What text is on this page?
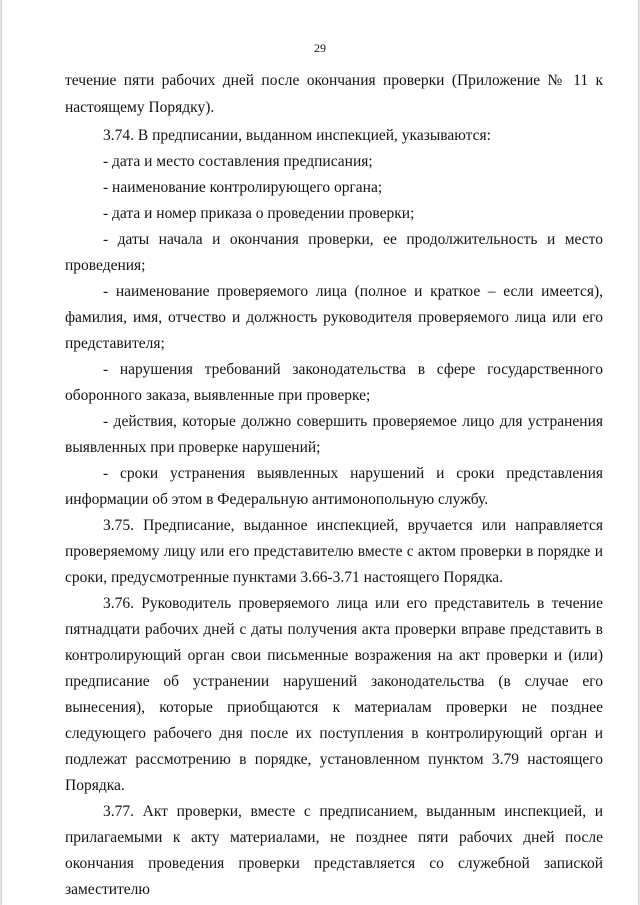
29

течение пяти рабочих дней после окончания проверки (Приложение № 11 к настоящему Порядку).

3.74. В предписании, выданном инспекцией, указываются:

- дата и место составления предписания;

- наименование контролирующего органа;

- дата и номер приказа о проведении проверки;

- даты начала и окончания проверки, ее продолжительность и место проведения;

- наименование проверяемого лица (полное и краткое – если имеется), фамилия, имя, отчество и должность руководителя проверяемого лица или его представителя;

- нарушения требований законодательства в сфере государственного оборонного заказа, выявленные при проверке;

- действия, которые должно совершить проверяемое лицо для устранения выявленных при проверке нарушений;

- сроки устранения выявленных нарушений и сроки представления информации об этом в Федеральную антимонопольную службу.

3.75. Предписание, выданное инспекцией, вручается или направляется проверяемому лицу или его представителю вместе с актом проверки в порядке и сроки, предусмотренные пунктами 3.66-3.71 настоящего Порядка.

3.76. Руководитель проверяемого лица или его представитель в течение пятнадцати рабочих дней с даты получения акта проверки вправе представить в контролирующий орган свои письменные возражения на акт проверки и (или) предписание об устранении нарушений законодательства (в случае его вынесения), которые приобщаются к материалам проверки не позднее следующего рабочего дня после их поступления в контролирующий орган и подлежат рассмотрению в порядке, установленном пунктом 3.79 настоящего Порядка.

3.77. Акт проверки, вместе с предписанием, выданным инспекцией, и прилагаемыми к акту материалами, не позднее пяти рабочих дней после окончания проведения проверки представляется со служебной запиской заместителю
